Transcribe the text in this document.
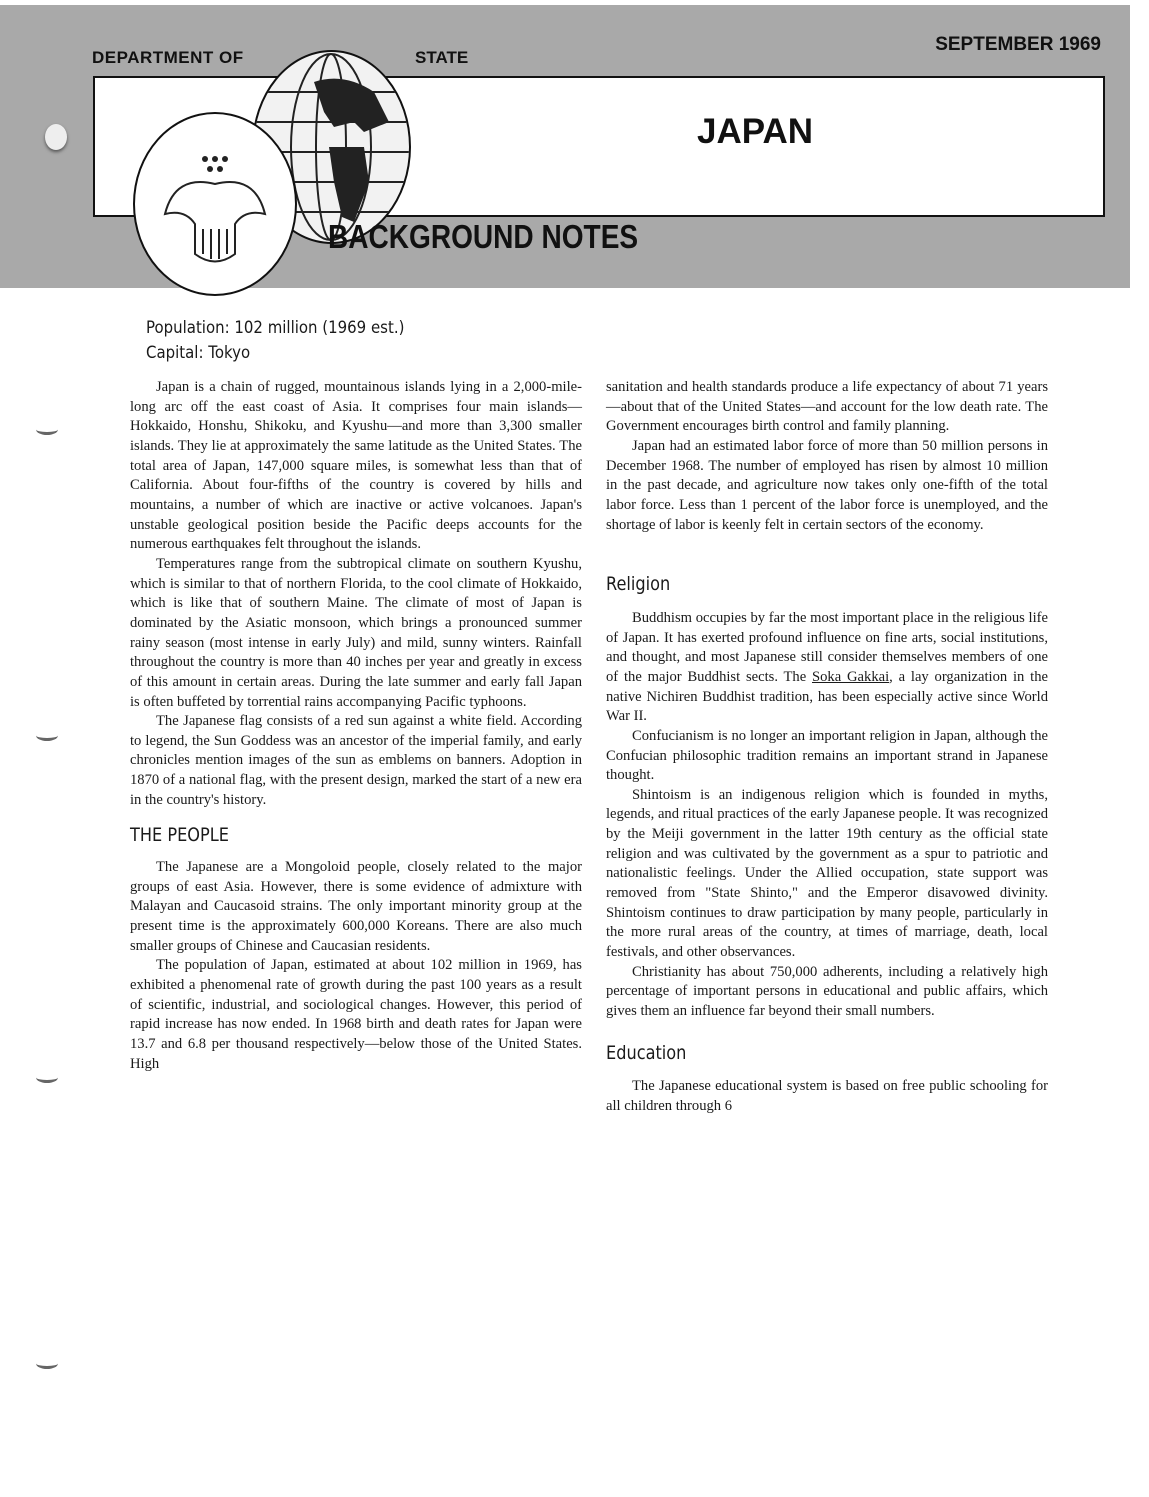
DEPARTMENT OF	STATE
SEPTEMBER 1969
JAPAN
BACKGROUND NOTES
Population: 102 million (1969 est.)
Capital: Tokyo

Japan is a chain of rugged, mountainous islands lying in a 2,000-mile-long arc off the east coast of Asia. It comprises four main islands—Hokkaido, Honshu, Shikoku, and Kyushu—and more than 3,300 smaller islands. They lie at approximately the same latitude as the United States. The total area of Japan, 147,000 square miles, is somewhat less than that of California. About four-fifths of the country is covered by hills and mountains, a number of which are inactive or active volcanoes. Japan's unstable geological position beside the Pacific deeps accounts for the numerous earthquakes felt throughout the islands.

Temperatures range from the subtropical climate on southern Kyushu, which is similar to that of northern Florida, to the cool climate of Hokkaido, which is like that of southern Maine. The climate of most of Japan is dominated by the Asiatic monsoon, which brings a pronounced summer rainy season (most intense in early July) and mild, sunny winters. Rainfall throughout the country is more than 40 inches per year and greatly in excess of this amount in certain areas. During the late summer and early fall Japan is often buffeted by torrential rains accompanying Pacific typhoons.

The Japanese flag consists of a red sun against a white field. According to legend, the Sun Goddess was an ancestor of the imperial family, and early chronicles mention images of the sun as emblems on banners. Adoption in 1870 of a national flag, with the present design, marked the start of a new era in the country's history.

THE PEOPLE

The Japanese are a Mongoloid people, closely related to the major groups of east Asia. However, there is some evidence of admixture with Malayan and Caucasoid strains. The only important minority group at the present time is the approximately 600,000 Koreans. There are also much smaller groups of Chinese and Caucasian residents.

The population of Japan, estimated at about 102 million in 1969, has exhibited a phenomenal rate of growth during the past 100 years as a result of scientific, industrial, and sociological changes. However, this period of rapid increase has now ended. In 1968 birth and death rates for Japan were 13.7 and 6.8 per thousand respectively—below those of the United States. High

sanitation and health standards produce a life expectancy of about 71 years—about that of the United States—and account for the low death rate. The Government encourages birth control and family planning.

Japan had an estimated labor force of more than 50 million persons in December 1968. The number of employed has risen by almost 10 million in the past decade, and agriculture now takes only one-fifth of the total labor force. Less than 1 percent of the labor force is unemployed, and the shortage of labor is keenly felt in certain sectors of the economy.

Religion

Buddhism occupies by far the most important place in the religious life of Japan. It has exerted profound influence on fine arts, social institutions, and thought, and most Japanese still consider themselves members of one of the major Buddhist sects. The Soka Gakkai, a lay organization in the native Nichiren Buddhist tradition, has been especially active since World War II.

Confucianism is no longer an important religion in Japan, although the Confucian philosophic tradition remains an important strand in Japanese thought.

Shintoism is an indigenous religion which is founded in myths, legends, and ritual practices of the early Japanese people. It was recognized by the Meiji government in the latter 19th century as the official state religion and was cultivated by the government as a spur to patriotic and nationalistic feelings. Under the Allied occupation, state support was removed from "State Shinto," and the Emperor disavowed divinity. Shintoism continues to draw participation by many people, particularly in the more rural areas of the country, at times of marriage, death, local festivals, and other observances.

Christianity has about 750,000 adherents, including a relatively high percentage of important persons in educational and public affairs, which gives them an influence far beyond their small numbers.

Education

The Japanese educational system is based on free public schooling for all children through 6
